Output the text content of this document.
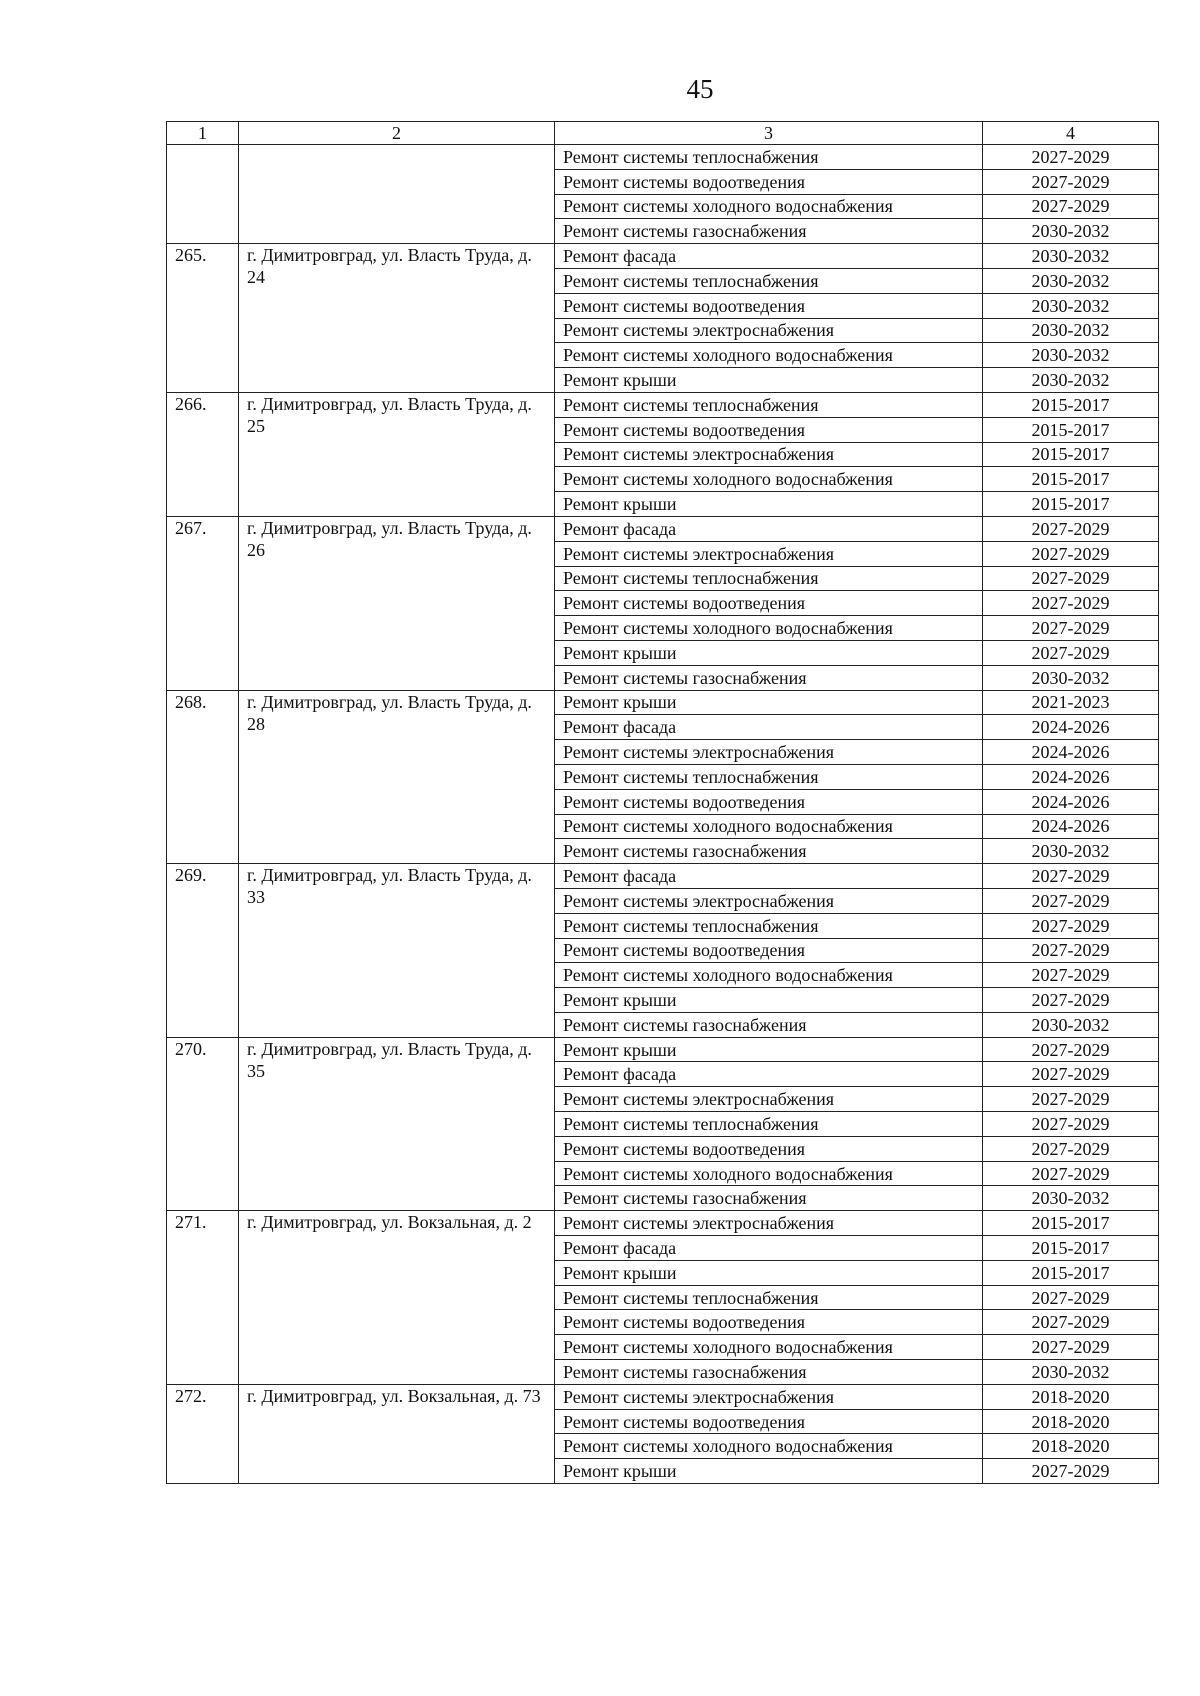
45
1	2	3	4
		Ремонт системы теплоснабжения	2027-2029
		Ремонт системы водоотведения	2027-2029
		Ремонт системы холодного водоснабжения	2027-2029
		Ремонт системы газоснабжения	2030-2032
265.	г. Димитровград, ул. Власть Труда, д. 24	Ремонт фасада	2030-2032
		Ремонт системы теплоснабжения	2030-2032
		Ремонт системы водоотведения	2030-2032
		Ремонт системы электроснабжения	2030-2032
		Ремонт системы холодного водоснабжения	2030-2032
		Ремонт крыши	2030-2032
266.	г. Димитровград, ул. Власть Труда, д. 25	Ремонт системы теплоснабжения	2015-2017
		Ремонт системы водоотведения	2015-2017
		Ремонт системы электроснабжения	2015-2017
		Ремонт системы холодного водоснабжения	2015-2017
		Ремонт крыши	2015-2017
267.	г. Димитровград, ул. Власть Труда, д. 26	Ремонт фасада	2027-2029
		Ремонт системы электроснабжения	2027-2029
		Ремонт системы теплоснабжения	2027-2029
		Ремонт системы водоотведения	2027-2029
		Ремонт системы холодного водоснабжения	2027-2029
		Ремонт крыши	2027-2029
		Ремонт системы газоснабжения	2030-2032
268.	г. Димитровград, ул. Власть Труда, д. 28	Ремонт крыши	2021-2023
		Ремонт фасада	2024-2026
		Ремонт системы электроснабжения	2024-2026
		Ремонт системы теплоснабжения	2024-2026
		Ремонт системы водоотведения	2024-2026
		Ремонт системы холодного водоснабжения	2024-2026
		Ремонт системы газоснабжения	2030-2032
269.	г. Димитровград, ул. Власть Труда, д. 33	Ремонт фасада	2027-2029
		Ремонт системы электроснабжения	2027-2029
		Ремонт системы теплоснабжения	2027-2029
		Ремонт системы водоотведения	2027-2029
		Ремонт системы холодного водоснабжения	2027-2029
		Ремонт крыши	2027-2029
		Ремонт системы газоснабжения	2030-2032
270.	г. Димитровград, ул. Власть Труда, д. 35	Ремонт крыши	2027-2029
		Ремонт фасада	2027-2029
		Ремонт системы электроснабжения	2027-2029
		Ремонт системы теплоснабжения	2027-2029
		Ремонт системы водоотведения	2027-2029
		Ремонт системы холодного водоснабжения	2027-2029
		Ремонт системы газоснабжения	2030-2032
271.	г. Димитровград, ул. Вокзальная, д. 2	Ремонт системы электроснабжения	2015-2017
		Ремонт фасада	2015-2017
		Ремонт крыши	2015-2017
		Ремонт системы теплоснабжения	2027-2029
		Ремонт системы водоотведения	2027-2029
		Ремонт системы холодного водоснабжения	2027-2029
		Ремонт системы газоснабжения	2030-2032
272.	г. Димитровград, ул. Вокзальная, д. 73	Ремонт системы электроснабжения	2018-2020
		Ремонт системы водоотведения	2018-2020
		Ремонт системы холодного водоснабжения	2018-2020
		Ремонт крыши	2027-2029
